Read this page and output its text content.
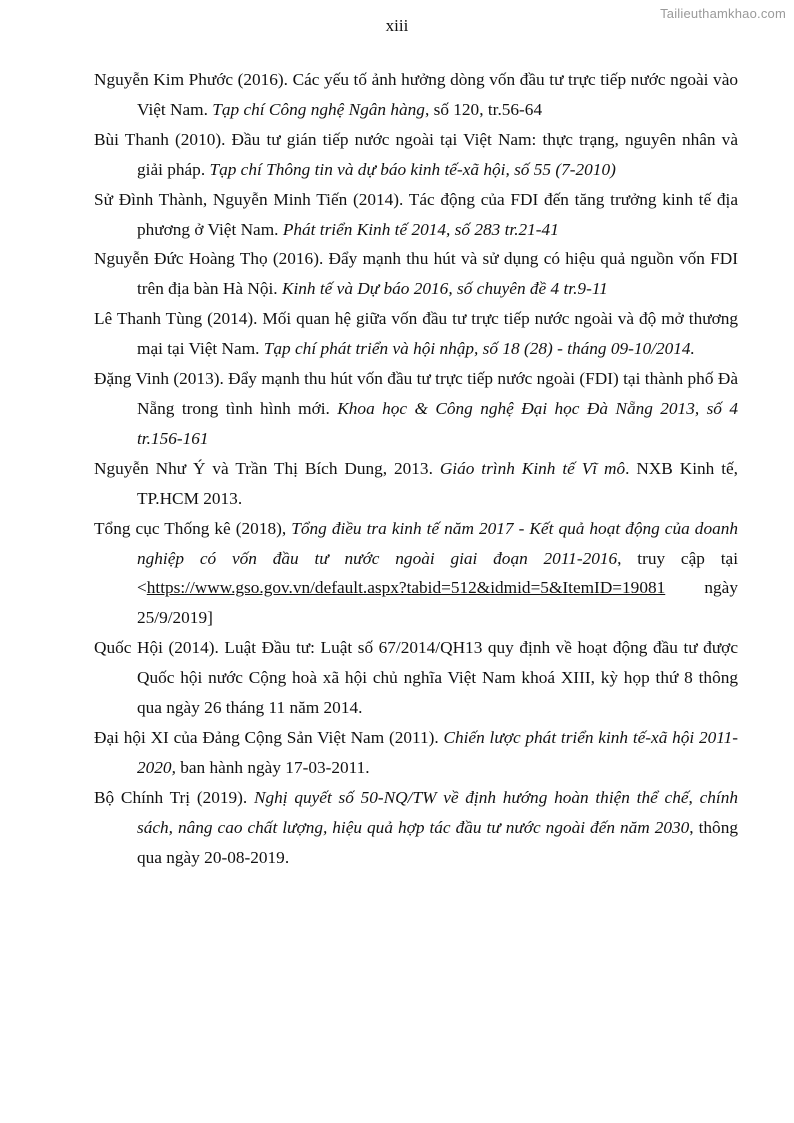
Tailieuthamkhao.com
xiii

Nguyễn Kim Phước (2016). Các yếu tố ảnh hưởng dòng vốn đầu tư trực tiếp nước ngoài vào Việt Nam. Tạp chí Công nghệ Ngân hàng, số 120, tr.56-64

Bùi Thanh (2010). Đầu tư gián tiếp nước ngoài tại Việt Nam: thực trạng, nguyên nhân và giải pháp. Tạp chí Thông tin và dự báo kinh tế-xã hội, số 55 (7-2010)

Sử Đình Thành, Nguyễn Minh Tiến (2014). Tác động của FDI đến tăng trưởng kinh tế địa phương ở Việt Nam. Phát triển Kinh tế 2014, số 283 tr.21-41

Nguyễn Đức Hoàng Thọ (2016). Đẩy mạnh thu hút và sử dụng có hiệu quả nguồn vốn FDI trên địa bàn Hà Nội. Kinh tế và Dự báo 2016, số chuyên đề 4 tr.9-11

Lê Thanh Tùng (2014). Mối quan hệ giữa vốn đầu tư trực tiếp nước ngoài và độ mở thương mại tại Việt Nam. Tạp chí phát triển và hội nhập, số 18 (28) - tháng 09-10/2014.

Đặng Vinh (2013). Đẩy mạnh thu hút vốn đầu tư trực tiếp nước ngoài (FDI) tại thành phố Đà Nẵng trong tình hình mới. Khoa học & Công nghệ Đại học Đà Nẵng 2013, số 4 tr.156-161

Nguyễn Như Ý và Trần Thị Bích Dung, 2013. Giáo trình Kinh tế Vĩ mô. NXB Kinh tế, TP.HCM 2013.

Tổng cục Thống kê (2018), Tổng điều tra kinh tế năm 2017 - Kết quả hoạt động của doanh nghiệp có vốn đầu tư nước ngoài giai đoạn 2011-2016, truy cập tại <https://www.gso.gov.vn/default.aspx?tabid=512&idmid=5&ItemID=19081 ngày 25/9/2019]

Quốc Hội (2014). Luật Đầu tư: Luật số 67/2014/QH13 quy định về hoạt động đầu tư được Quốc hội nước Cộng hoà xã hội chủ nghĩa Việt Nam khoá XIII, kỳ họp thứ 8 thông qua ngày 26 tháng 11 năm 2014.

Đại hội XI của Đảng Cộng Sản Việt Nam (2011). Chiến lược phát triển kinh tế-xã hội 2011-2020, ban hành ngày 17-03-2011.

Bộ Chính Trị (2019). Nghị quyết số 50-NQ/TW về định hướng hoàn thiện thể chế, chính sách, nâng cao chất lượng, hiệu quả hợp tác đầu tư nước ngoài đến năm 2030, thông qua ngày 20-08-2019.
